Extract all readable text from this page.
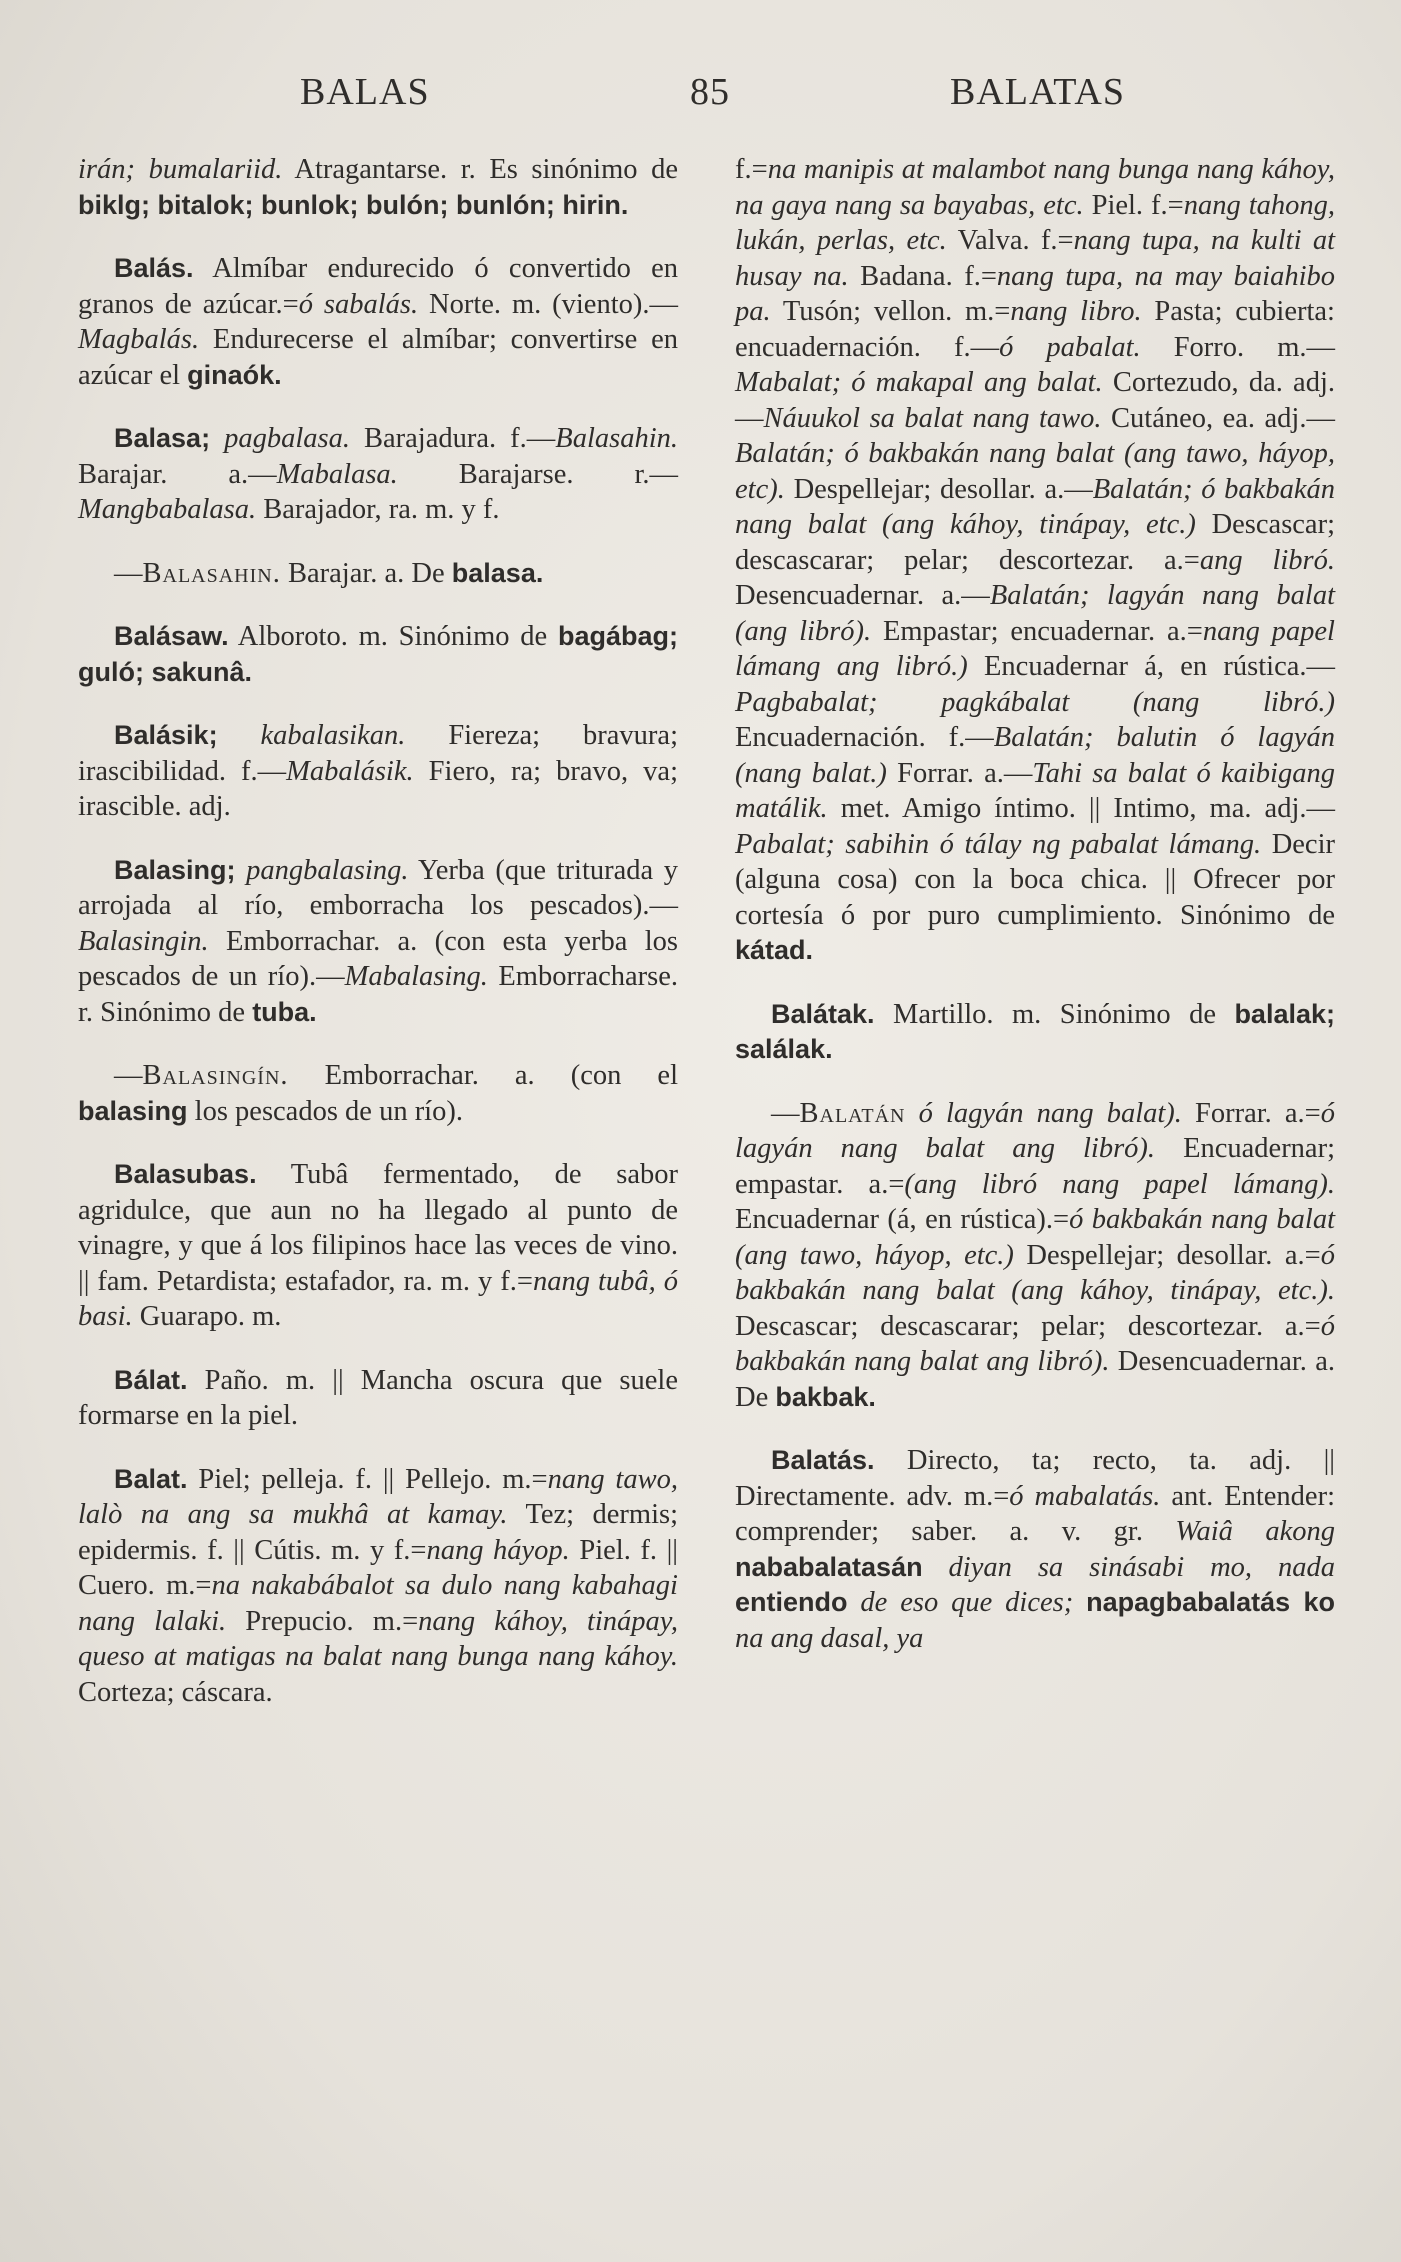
BALAS	85	BALATAS

irán; bumalariid. Atragantarse. r. Es sinónimo de biklg; bitalok; bunlok; bulón; bunlón; hirin.

Balás. Almíbar endurecido ó convertido en granos de azúcar.=ó sabalás. Norte. m. (viento).—Magbalás. Endurecerse el almíbar; convertirse en azúcar el ginaók.

Balasa; pagbalasa. Barajadura. f.—Balasahin. Barajar. a.—Mabalasa. Barajarse. r.—Mangbabalasa. Barajador, ra. m. y f.

—Balasahin. Barajar. a. De balasa.

Balásaw. Alboroto. m. Sinónimo de bagábag; guló; sakunâ.

Balásik; kabalasikan. Fiereza; bravura; irascibilidad. f.—Mabalásik. Fiero, ra; bravo, va; irascible. adj.

Balasing; pangbalasing. Yerba (que triturada y arrojada al río, emborracha los pescados).—Balasingin. Emborrachar. a. (con esta yerba los pescados de un río).—Mabalasing. Emborracharse. r. Sinónimo de tuba.

—Balasingín. Emborrachar. a. (con el balasing los pescados de un río).

Balasubas. Tubâ fermentado, de sabor agridulce, que aun no ha llegado al punto de vinagre, y que á los filipinos hace las veces de vino. || fam. Petardista; estafador, ra. m. y f.=nang tubâ, ó basi. Guarapo. m.

Bálat. Paño. m. || Mancha oscura que suele formarse en la piel.

Balat. Piel; pelleja. f. || Pellejo. m.=nang tawo, lalò na ang sa mukhâ at kamay. Tez; dermis; epidermis. f. || Cútis. m. y f.=nang háyop. Piel. f. || Cuero. m.=na nakabábalot sa dulo nang kabahagi nang lalaki. Prepucio. m.=nang káhoy, tinápay, queso at matigas na balat nang bunga nang káhoy. Corteza; cáscara.

f.=na manipis at malambot nang bunga nang káhoy, na gaya nang sa bayabas, etc. Piel. f.=nang tahong, lukán, perlas, etc. Valva. f.=nang tupa, na kulti at husay na. Badana. f.=nang tupa, na may baiahibo pa. Tusón; vellon. m.=nang libro. Pasta; cubierta: encuadernación. f.—ó pabalat. Forro. m.—Mabalat; ó makapal ang balat. Cortezudo, da. adj.—Náuukol sa balat nang tawo. Cutáneo, ea. adj.—Balatán; ó bakbakán nang balat (ang tawo, háyop, etc). Despellejar; desollar. a.—Balatán; ó bakbakán nang balat (ang káhoy, tinápay, etc.) Descascar; descascarar; pelar; descortezar. a.=ang libró. Desencuadernar. a.—Balatán; lagyán nang balat (ang libró). Empastar; encuadernar. a.=nang papel lámang ang libró.) Encuadernar á, en rústica.—Pagbabalat; pagkábalat (nang libró.) Encuadernación. f.—Balatán; balutin ó lagyán (nang balat.) Forrar. a.—Tahi sa balat ó kaibigang matálik. met. Amigo íntimo. || Intimo, ma. adj.—Pabalat; sabihin ó tálay ng pabalat lámang. Decir (alguna cosa) con la boca chica. || Ofrecer por cortesía ó por puro cumplimiento. Sinónimo de kátad.

Balátak. Martillo. m. Sinónimo de balalak; salálak.

—Balatán ó lagyán nang balat). Forrar. a.=ó lagyán nang balat ang libró). Encuadernar; empastar. a.=(ang libró nang papel lámang). Encuadernar (á, en rústica).=ó bakbakán nang balat (ang tawo, háyop, etc.) Despellejar; desollar. a.=ó bakbakán nang balat (ang káhoy, tinápay, etc.). Descascar; descascarar; pelar; descortezar. a.=ó bakbakán nang balat ang libró). Desencuadernar. a. De bakbak.

Balatás. Directo, ta; recto, ta. adj. || Directamente. adv. m.=ó mabalatás. ant. Entender: comprender; saber. a. v. gr. Waiâ akong nababalatasán diyan sa sinásabi mo, nada entiendo de eso que dices; napagbabalatás ko na ang dasal, ya
